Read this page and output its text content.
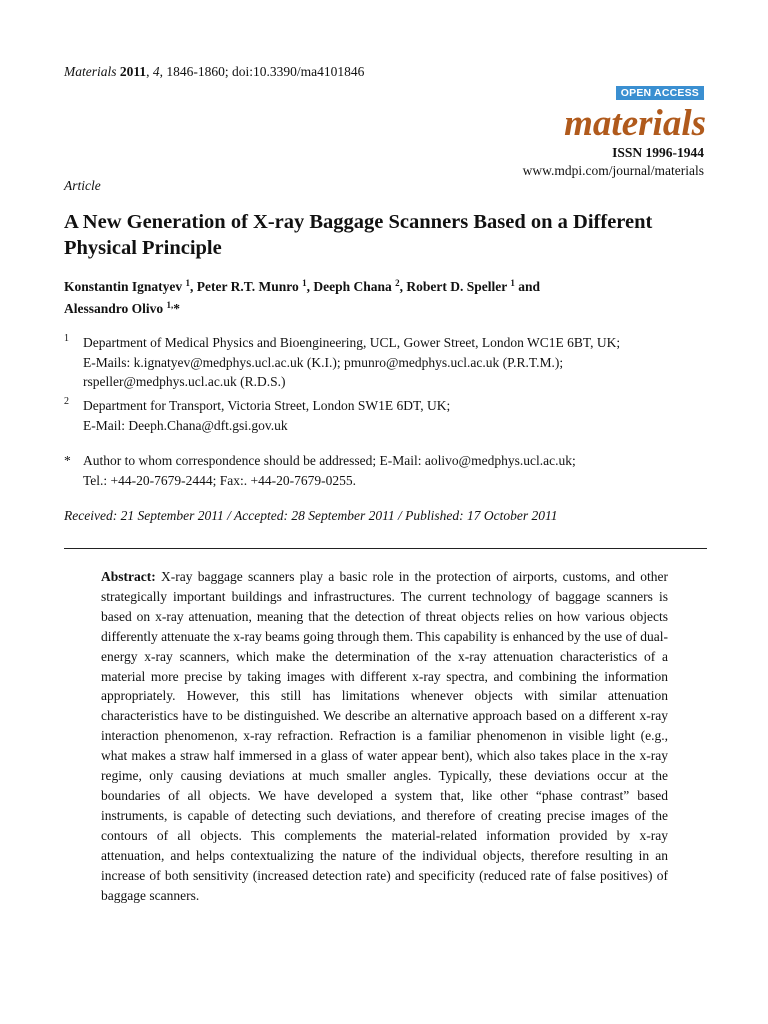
Materials 2011, 4, 1846-1860; doi:10.3390/ma4101846
OPEN ACCESS
materials
ISSN 1996-1944
www.mdpi.com/journal/materials
Article
A New Generation of X-ray Baggage Scanners Based on a Different Physical Principle
Konstantin Ignatyev $^1$, Peter R.T. Munro $^1$, Deeph Chana $^2$, Robert D. Speller $^1$ and
Alessandro Olivo $^{1,}$*
1 Department of Medical Physics and Bioengineering, UCL, Gower Street, London WC1E 6BT, UK;
E-Mails: k.ignatyev@medphys.ucl.ac.uk (K.I.); pmunro@medphys.ucl.ac.uk (P.R.T.M.);
rspeller@medphys.ucl.ac.uk (R.D.S.)
2 Department for Transport, Victoria Street, London SW1E 6DT, UK;
E-Mail: Deeph.Chana@dft.gsi.gov.uk
* Author to whom correspondence should be addressed; E-Mail: aolivo@medphys.ucl.ac.uk;
Tel.: +44-20-7679-2444; Fax:. +44-20-7679-0255.
Received: 21 September 2011 / Accepted: 28 September 2011 / Published: 17 October 2011

Abstract: X-ray baggage scanners play a basic role in the protection of airports, customs, and other strategically important buildings and infrastructures. The current technology of baggage scanners is based on x-ray attenuation, meaning that the detection of threat objects relies on how various objects differently attenuate the x-ray beams going through them. This capability is enhanced by the use of dual-energy x-ray scanners, which make the determination of the x-ray attenuation characteristics of a material more precise by taking images with different x-ray spectra, and combining the information appropriately. However, this still has limitations whenever objects with similar attenuation characteristics have to be distinguished. We describe an alternative approach based on a different x-ray interaction phenomenon, x-ray refraction. Refraction is a familiar phenomenon in visible light (e.g., what makes a straw half immersed in a glass of water appear bent), which also takes place in the x-ray regime, only causing deviations at much smaller angles. Typically, these deviations occur at the boundaries of all objects. We have developed a system that, like other “phase contrast” based instruments, is capable of detecting such deviations, and therefore of creating precise images of the contours of all objects. This complements the material-related information provided by x-ray attenuation, and helps contextualizing the nature of the individual objects, therefore resulting in an increase of both sensitivity (increased detection rate) and specificity (reduced rate of false positives) of baggage scanners.
